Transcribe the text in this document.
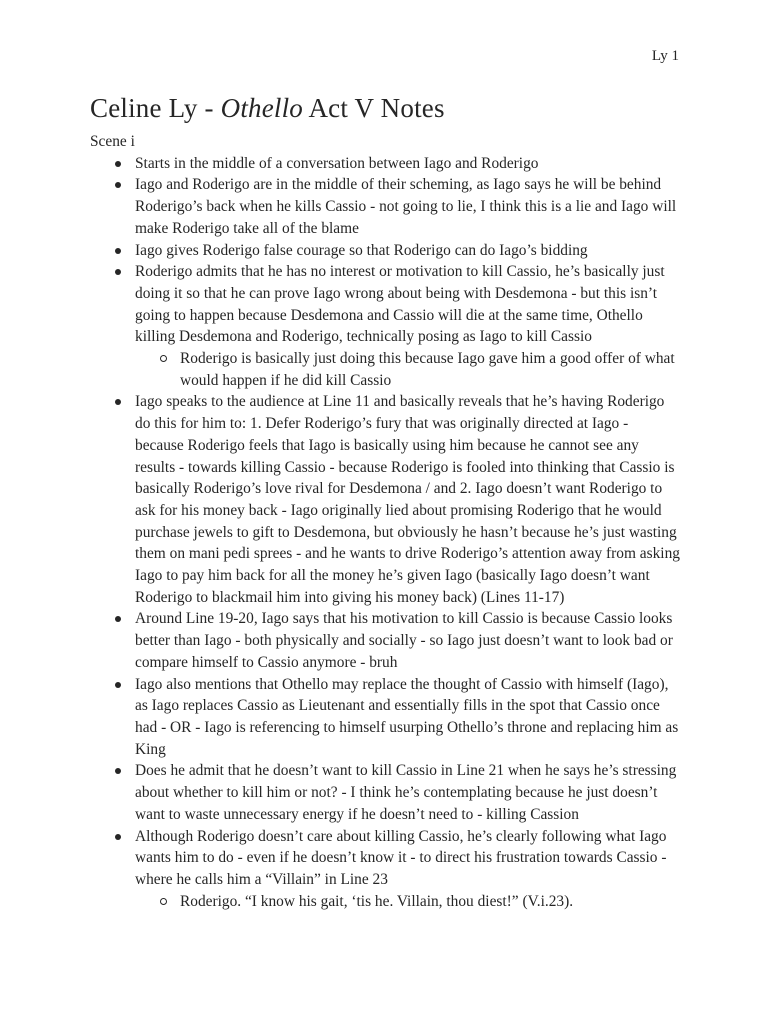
Ly 1
Celine Ly - Othello Act V Notes

Scene i

Starts in the middle of a conversation between Iago and Roderigo
Iago and Roderigo are in the middle of their scheming, as Iago says he will be behind Roderigo’s back when he kills Cassio - not going to lie, I think this is a lie and Iago will make Roderigo take all of the blame
Iago gives Roderigo false courage so that Roderigo can do Iago’s bidding
Roderigo admits that he has no interest or motivation to kill Cassio, he’s basically just doing it so that he can prove Iago wrong about being with Desdemona - but this isn’t going to happen because Desdemona and Cassio will die at the same time, Othello killing Desdemona and Roderigo, technically posing as Iago to kill Cassio
Roderigo is basically just doing this because Iago gave him a good offer of what would happen if he did kill Cassio
Iago speaks to the audience at Line 11 and basically reveals that he’s having Roderigo do this for him to: 1. Defer Roderigo’s fury that was originally directed at Iago - because Roderigo feels that Iago is basically using him because he cannot see any results - towards killing Cassio - because Roderigo is fooled into thinking that Cassio is basically Roderigo’s love rival for Desdemona / and 2. Iago doesn’t want Roderigo to ask for his money back - Iago originally lied about promising Roderigo that he would purchase jewels to gift to Desdemona, but obviously he hasn’t because he’s just wasting them on mani pedi sprees - and he wants to drive Roderigo’s attention away from asking Iago to pay him back for all the money he’s given Iago (basically Iago doesn’t want Roderigo to blackmail him into giving his money back) (Lines 11-17)
Around Line 19-20, Iago says that his motivation to kill Cassio is because Cassio looks better than Iago - both physically and socially - so Iago just doesn’t want to look bad or compare himself to Cassio anymore - bruh
Iago also mentions that Othello may replace the thought of Cassio with himself (Iago), as Iago replaces Cassio as Lieutenant and essentially fills in the spot that Cassio once had - OR - Iago is referencing to himself usurping Othello’s throne and replacing him as King
Does he admit that he doesn’t want to kill Cassio in Line 21 when he says he’s stressing about whether to kill him or not? - I think he’s contemplating because he just doesn’t want to waste unnecessary energy if he doesn’t need to - killing Cassion
Although Roderigo doesn’t care about killing Cassio, he’s clearly following what Iago wants him to do - even if he doesn’t know it - to direct his frustration towards Cassio - where he calls him a “Villain” in Line 23
Roderigo. “I know his gait, ‘tis he. Villain, thou diest!” (V.i.23).
